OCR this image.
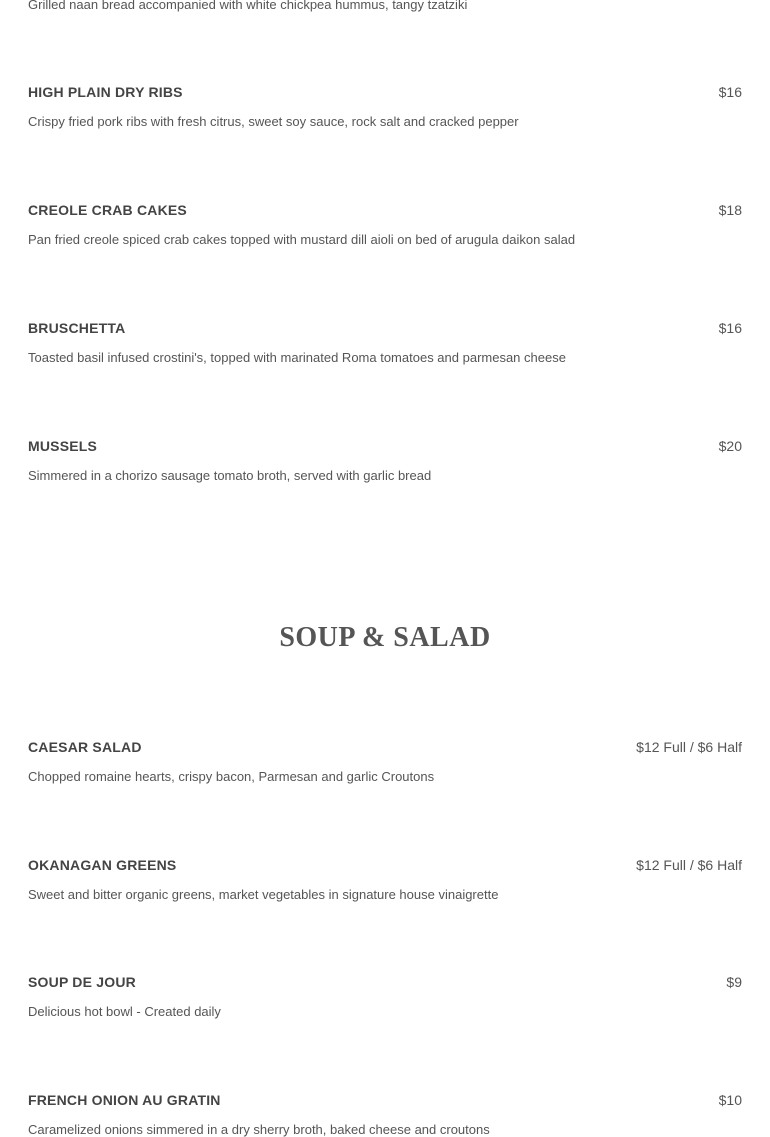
Grilled naan bread accompanied with white chickpea hummus, tangy tzatziki
HIGH PLAIN DRY RIBS	$16
Crispy fried pork ribs with fresh citrus, sweet soy sauce, rock salt and cracked pepper
CREOLE CRAB CAKES	$18
Pan fried creole spiced crab cakes topped with mustard dill aioli on bed of arugula daikon salad
BRUSCHETTA	$16
Toasted basil infused crostini's, topped with marinated Roma tomatoes and parmesan cheese
MUSSELS	$20
Simmered in a chorizo sausage tomato broth, served with garlic bread
SOUP & SALAD
CAESAR SALAD	$12 Full / $6 Half
Chopped romaine hearts, crispy bacon, Parmesan and garlic Croutons
OKANAGAN GREENS	$12 Full / $6 Half
Sweet and bitter organic greens, market vegetables in signature house vinaigrette
SOUP DE JOUR	$9
Delicious hot bowl - Created daily
FRENCH ONION AU GRATIN	$10
Caramelized onions simmered in a dry sherry broth, baked cheese and croutons
